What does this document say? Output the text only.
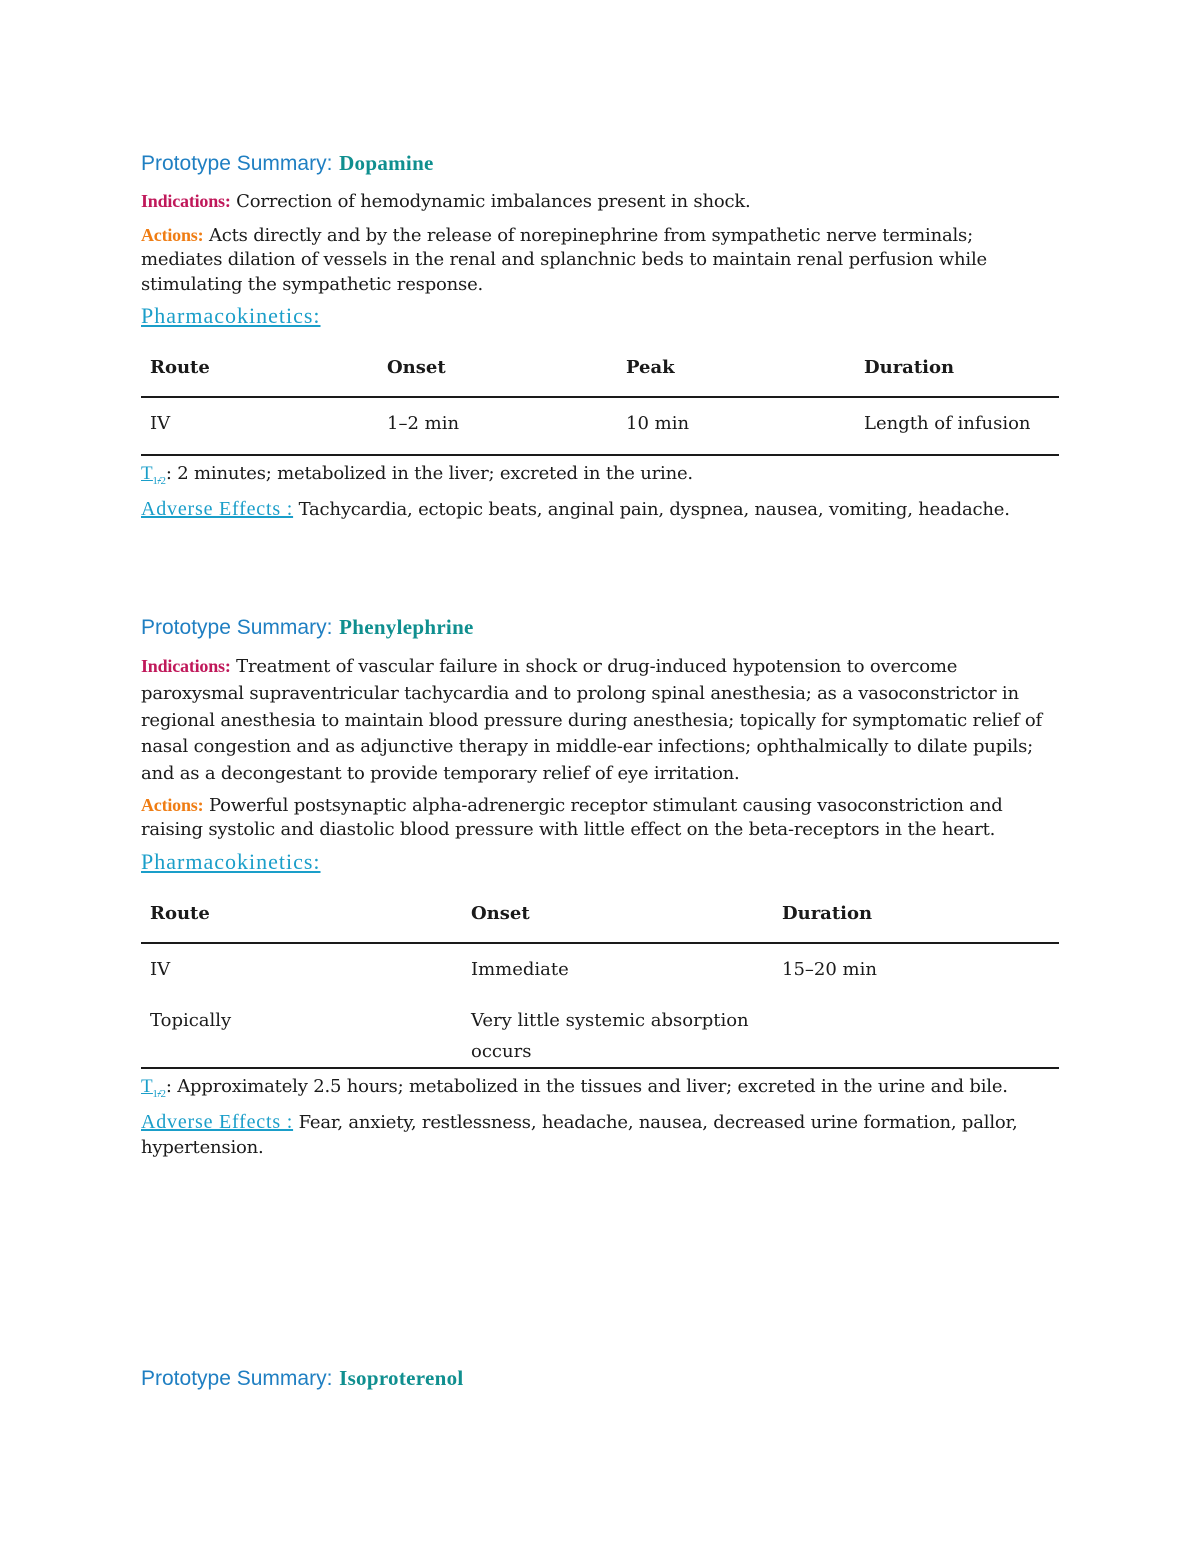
Prototype Summary: Dopamine

Indications: Correction of hemodynamic imbalances present in shock.

Actions: Acts directly and by the release of norepinephrine from sympathetic nerve terminals; mediates dilation of vessels in the renal and splanchnic beds to maintain renal perfusion while stimulating the sympathetic response.

Pharmacokinetics:
Route	Onset	Peak	Duration
IV	1–2 min	10 min	Length of infusion

$T_{1/2}$: 2 minutes; metabolized in the liver; excreted in the urine.

Adverse Effects : Tachycardia, ectopic beats, anginal pain, dyspnea, nausea, vomiting, headache.

Prototype Summary: Phenylephrine

Indications: Treatment of vascular failure in shock or drug-induced hypotension to overcome paroxysmal supraventricular tachycardia and to prolong spinal anesthesia; as a vasoconstrictor in regional anesthesia to maintain blood pressure during anesthesia; topically for symptomatic relief of nasal congestion and as adjunctive therapy in middle-ear infections; ophthalmically to dilate pupils; and as a decongestant to provide temporary relief of eye irritation.

Actions: Powerful postsynaptic alpha-adrenergic receptor stimulant causing vasoconstriction and raising systolic and diastolic blood pressure with little effect on the beta-receptors in the heart.

Pharmacokinetics:
Route	Onset	Duration
IV	Immediate	15–20 min
Topically	Very little systemic absorption occurs	

$T_{1/2}$: Approximately 2.5 hours; metabolized in the tissues and liver; excreted in the urine and bile.

Adverse Effects : Fear, anxiety, restlessness, headache, nausea, decreased urine formation, pallor, hypertension.

Prototype Summary: Isoproterenol
